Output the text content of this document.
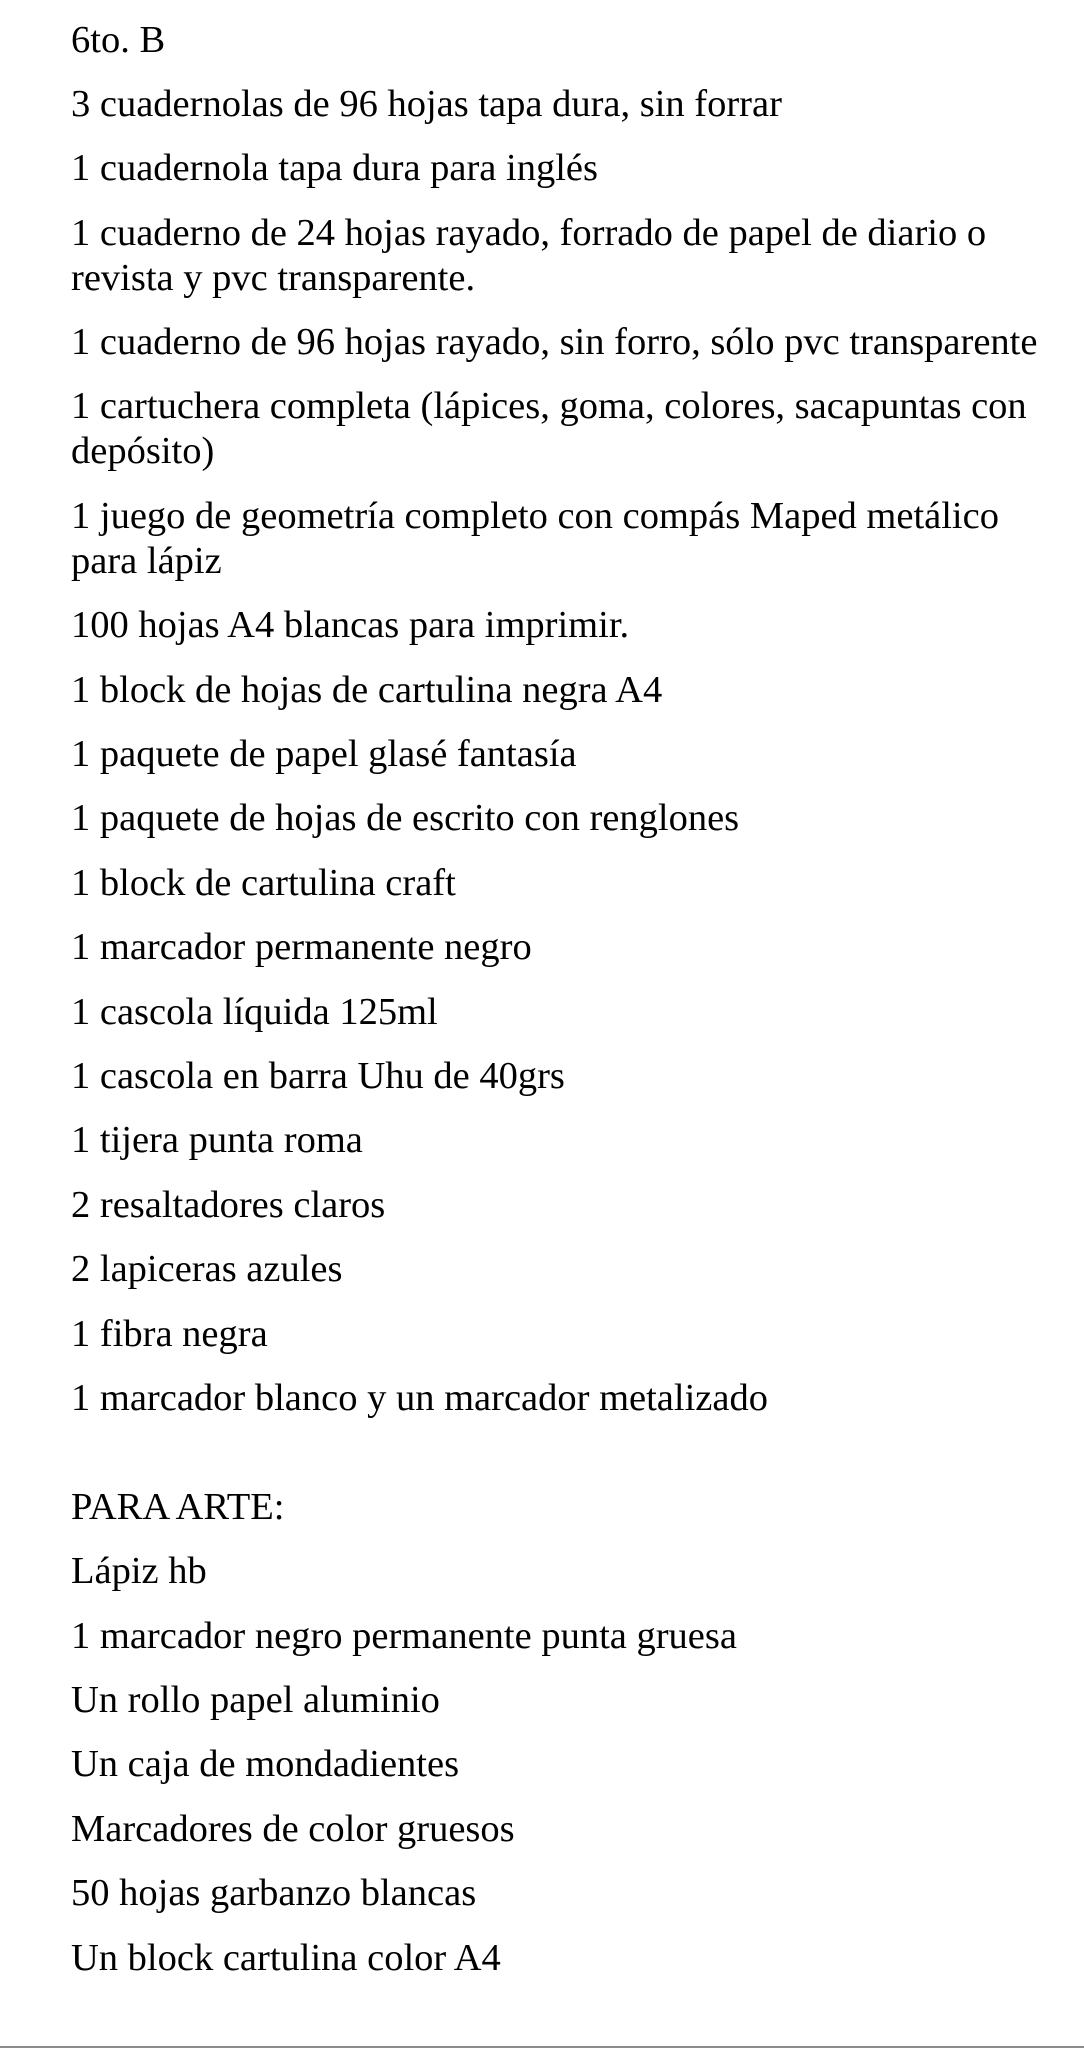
6to. B

3 cuadernolas de 96 hojas tapa dura, sin forrar

1 cuadernola tapa dura para inglés

1 cuaderno de 24 hojas rayado, forrado de papel de diario o revista y pvc transparente.

1 cuaderno de 96 hojas rayado, sin forro, sólo pvc transparente

1 cartuchera completa (lápices, goma, colores, sacapuntas con depósito)

1 juego de geometría completo con compás Maped metálico para lápiz

100 hojas A4 blancas para imprimir.

1 block de hojas de cartulina negra A4

1 paquete de papel glasé fantasía

1 paquete de hojas de escrito con renglones

1 block de cartulina craft

1 marcador permanente negro

1 cascola líquida 125ml

1 cascola en barra Uhu de 40grs

1 tijera punta roma

2 resaltadores claros

2 lapiceras azules

1 fibra negra

1 marcador blanco y un marcador metalizado

PARA ARTE:

Lápiz hb

1 marcador negro permanente punta gruesa

Un rollo papel aluminio

Un caja de mondadientes

Marcadores de color gruesos

50 hojas garbanzo blancas

Un block cartulina color A4
